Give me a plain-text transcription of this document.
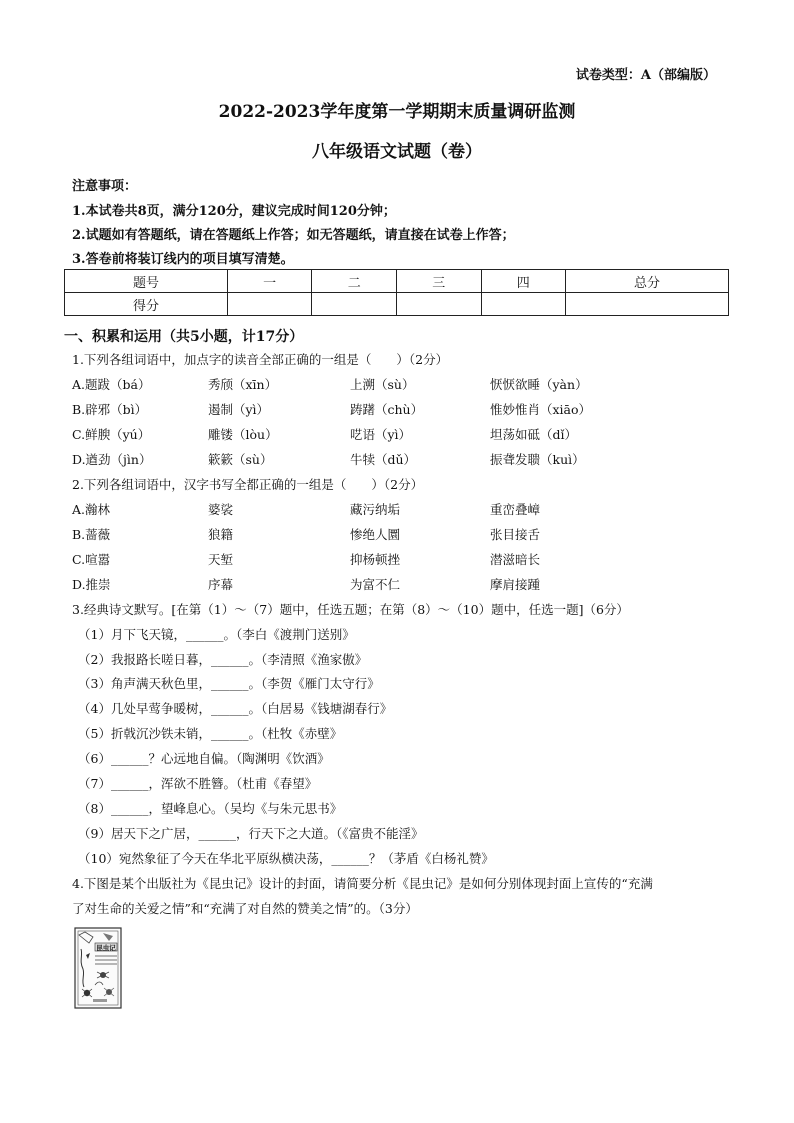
试卷类型：A（部编版）
2022-2023学年度第一学期期末质量调研监测
八年级语文试题（卷）
注意事项：
1.本试卷共8页，满分120分，建议完成时间120分钟；
2.试题如有答题纸，请在答题纸上作答；如无答题纸，请直接在试卷上作答；
3.答卷前将装订线内的项目填写清楚。
题号	一	二	三	四	总分
得分					
一、积累和运用（共5小题，计17分）
1.下列各组词语中，加点字的读音全部正确的一组是（　　）（2分）
A.题跋（bá）	秀颀（xīn）	上溯（sù）	恹恹欲睡（yàn）
B.辟邪（bì）	遏制（yì）	踌躇（chù）	惟妙惟肖（xiāo）
C.鲜腴（yú）	雕镂（lòu）	呓语（yì）	坦荡如砥（dǐ）
D.遒劲（jìn）	簌簌（sù）	牛犊（dǔ）	振聋发聩（kuì）
2.下列各组词语中，汉字书写全都正确的一组是（　　）（2分）
A.瀚林	婆裟	藏污纳垢	重峦叠嶂
B.蔷薇	狼籍	惨绝人圜	张目接舌
C.喧嚣	天堑	抑杨顿挫	潜滋暗长
D.推崇	序幕	为富不仁	摩肩接踵
3.经典诗文默写。[在第（1）～（7）题中，任选五题；在第（8）～（10）题中，任选一题]（6分）
（1）月下飞天镜，______。（李白《渡荆门送别》
（2）我报路长嗟日暮，______。（李清照《渔家傲》
（3）角声满天秋色里，______。（李贺《雁门太守行》
（4）几处早莺争暖树，______。（白居易《钱塘湖春行》
（5）折戟沉沙铁未销，______。（杜牧《赤壁》
（6）______？心远地自偏。（陶渊明《饮酒》
（7）______，浑欲不胜簪。（杜甫《春望》
（8）______，望峰息心。（吴均《与朱元思书》
（9）居天下之广居，______，行天下之大道。（《富贵不能淫》
（10）宛然象征了今天在华北平原纵横决荡，______？（茅盾《白杨礼赞》
4.下图是某个出版社为《昆虫记》设计的封面，请简要分析《昆虫记》是如何分别体现封面上宣传的“充满
了对生命的关爱之情”和“充满了对自然的赞美之情”的。（3分）
昆虫记
